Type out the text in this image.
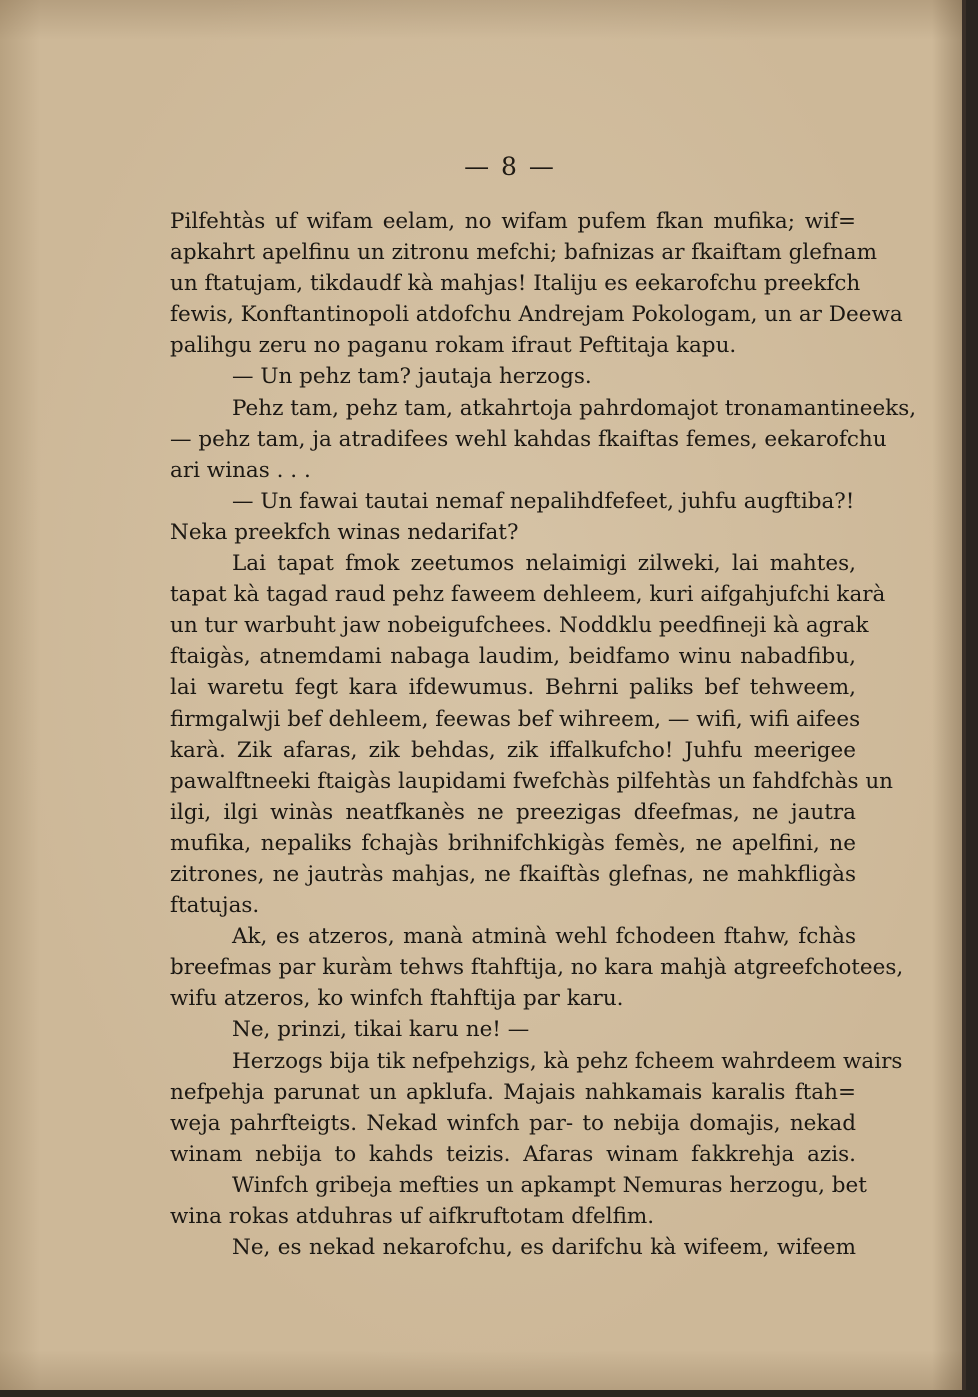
— 8 —
Pilfehtàs uf wifam eelam, no wifam pufem fkan mufika; wif=
apkahrt apelfinu un zitronu mefchi; bafnizas ar fkaiftam glefnam
un ftatujam, tikdaudf kà mahjas! Italiju es eekarofchu preekfch
fewis, Konftantinopoli atdofchu Andrejam Pokologam, un ar Deewa
palihgu zeru no paganu rokam ifraut Peftitaja kapu.
— Un pehz tam? jautaja herzogs.
Pehz tam, pehz tam, atkahrtoja pahrdomajot tronamantineeks,
— pehz tam, ja atradifees wehl kahdas fkaiftas femes, eekarofchu
ari winas . . .
— Un fawai tautai nemaf nepalihdfefeet, juhfu augftiba?!
Neka preekfch winas nedarifat?
Lai tapat fmok zeetumos nelaimigi zilweki, lai mahtes,
tapat kà tagad raud pehz faweem dehleem, kuri aifgahjufchi karà
un tur warbuht jaw nobeigufchees. Noddklu peedfineji kà agrak
ftaigàs, atnemdami nabaga laudim, beidfamo winu nabadfibu,
lai waretu fegt kara ifdewumus. Behrni paliks bef tehweem,
firmgalwji bef dehleem, feewas bef wihreem, — wifi, wifi aifees
karà. Zik afaras, zik behdas, zik iffalkufcho! Juhfu meerigee
pawalftneeki ftaigàs laupidami fwefchàs pilfehtàs un fahdfchàs un
ilgi, ilgi winàs neatfkanès ne preezigas dfeefmas, ne jautra
mufika, nepaliks fchajàs brihnifchkigàs femès, ne apelfini, ne
zitrones, ne jautràs mahjas, ne fkaiftàs glefnas, ne mahkfligàs
ftatujas.
Ak, es atzeros, manà atminà wehl fchodeen ftahw, fchàs
breefmas par kuràm tehws ftahftija, no kara mahjà atgreefchotees,
wifu atzeros, ko winfch ftahftija par karu.
Ne, prinzi, tikai karu ne! —
Herzogs bija tik nefpehzigs, kà pehz fcheem wahrdeem wairs
nefpehja parunat un apklufa. Majais nahkamais karalis ftah=
weja pahrfteigts. Nekad winfch par- to nebija domajis, nekad
winam nebija to kahds teizis. Afaras winam fakkrehja azis.
Winfch gribeja mefties un apkampt Nemuras herzogu, bet
wina rokas atduhras uf aifkruftotam dfelfim.
Ne, es nekad nekarofchu, es darifchu kà wifeem, wifeem
